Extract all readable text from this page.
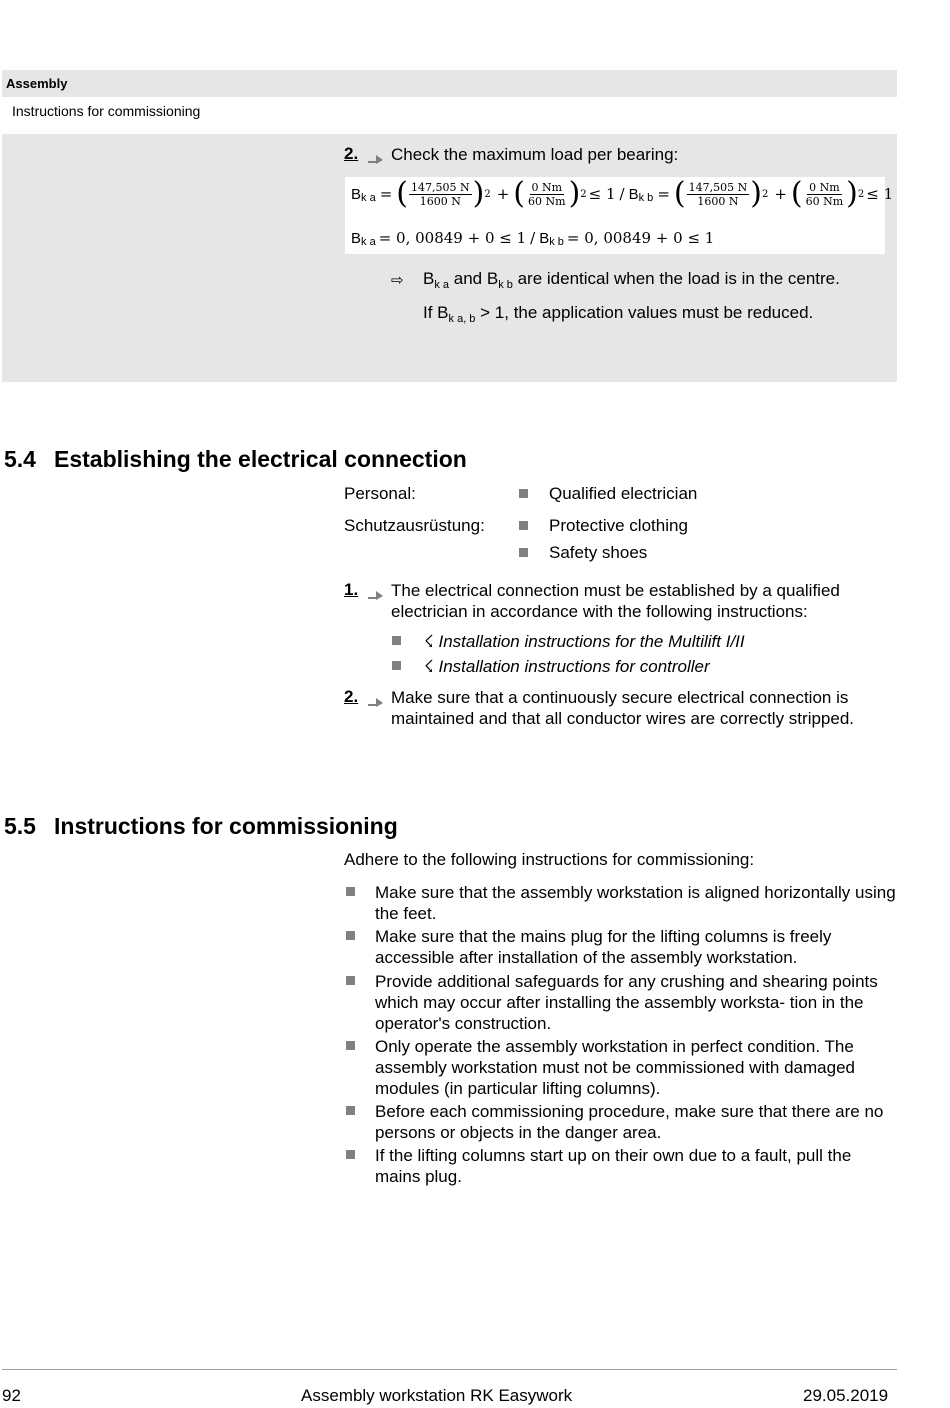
Assembly
Instructions for commissioning
2. Check the maximum load per bearing:
B k a = ( $\frac{147,505 N}{1600 N}$ ) 2 + ( $\frac{0 Nm}{60 Nm}$ ) 2 ≤ 1 / B k b = ( $\frac{147,505 N}{1600 N}$ ) 2 + ( $\frac{0 Nm}{60 Nm}$ ) 2 ≤ 1
B k a = 0, 00849 + 0 ≤ 1 / B k b = 0, 00849 + 0 ≤ 1
⇨ $B_{k a}$ and $B_{k b}$ are identical when the load is in the centre.
If $B_{k a, b} > 1$, the application values must be reduced.
5.4 Establishing the electrical connection
Personal:	Qualified electrician
Schutzausrüstung:	Protective clothing
Safety shoes
1. The electrical connection must be established by a qualified electrician in accordance with the following instructions:
☇ Installation instructions for the Multilift I/II
☇ Installation instructions for controller
2. Make sure that a continuously secure electrical connection is maintained and that all conductor wires are correctly stripped.
5.5 Instructions for commissioning
Adhere to the following instructions for commissioning:
Make sure that the assembly workstation is aligned horizontally using the feet.
Make sure that the mains plug for the lifting columns is freely accessible after installation of the assembly workstation.
Provide additional safeguards for any crushing and shearing points which may occur after installing the assembly worksta- tion in the operator's construction.
Only operate the assembly workstation in perfect condition. The assembly workstation must not be commissioned with damaged modules (in particular lifting columns).
Before each commissioning procedure, make sure that there are no persons or objects in the danger area.
If the lifting columns start up on their own due to a fault, pull the mains plug.
92	Assembly workstation RK Easywork	29.05.2019
